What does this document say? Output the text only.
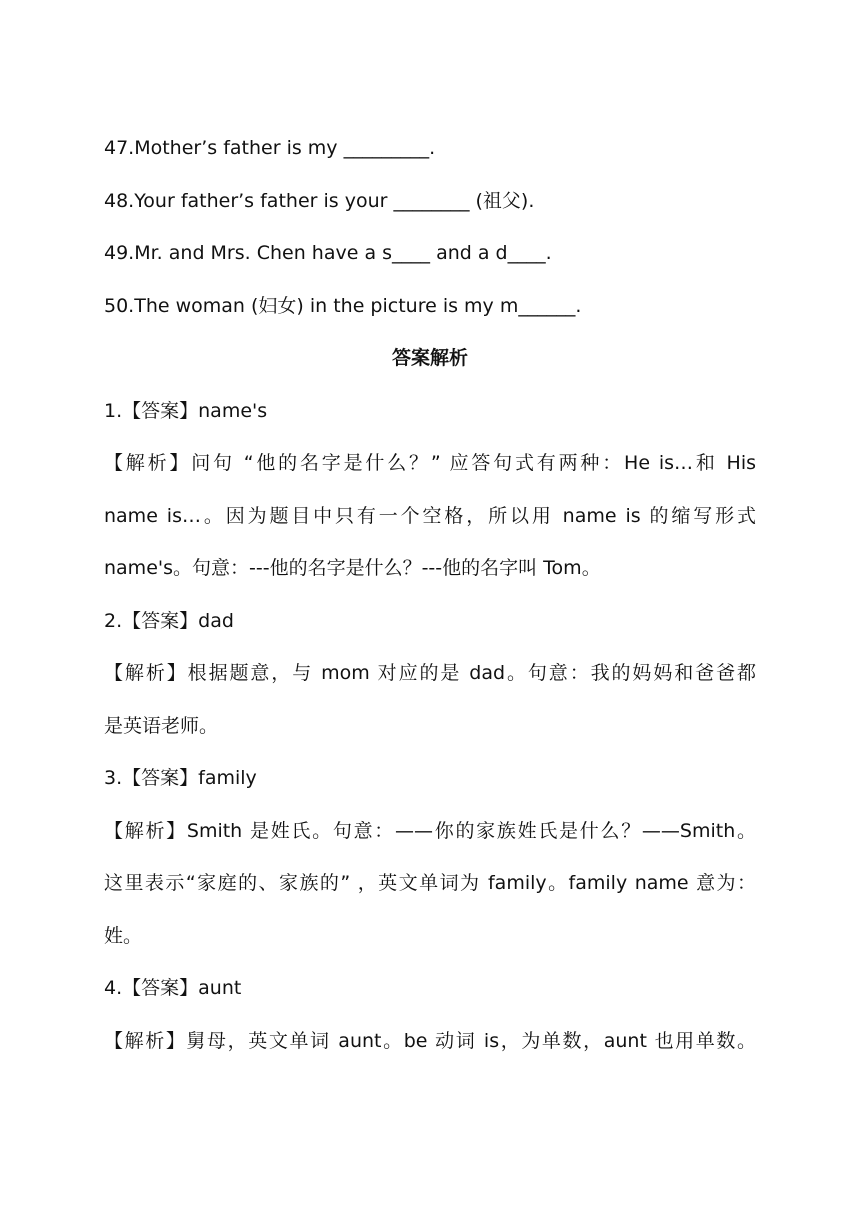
47.Mother’s father is my _________.
48.Your father’s father is your ________ (祖父).
49.Mr. and Mrs. Chen have a s____ and a d____.
50.The woman (妇女) in the picture is my m______.
答案解析
1.【答案】name's
【解析】问句 “他的名字是什么？” 应答句式有两种：He is…和 His
name is…。因为题目中只有一个空格，所以用 name is 的缩写形式
name's。句意：---他的名字是什么？---他的名字叫 Tom。
2.【答案】dad
【解析】根据题意，与 mom 对应的是 dad。句意：我的妈妈和爸爸都
是英语老师。
3.【答案】family
【解析】Smith 是姓氏。句意：——你的家族姓氏是什么？——Smith。
这里表示“家庭的、家族的” ，英文单词为 family。family name 意为：
姓。
4.【答案】aunt
【解析】舅母，英文单词 aunt。be 动词 is，为单数，aunt 也用单数。
